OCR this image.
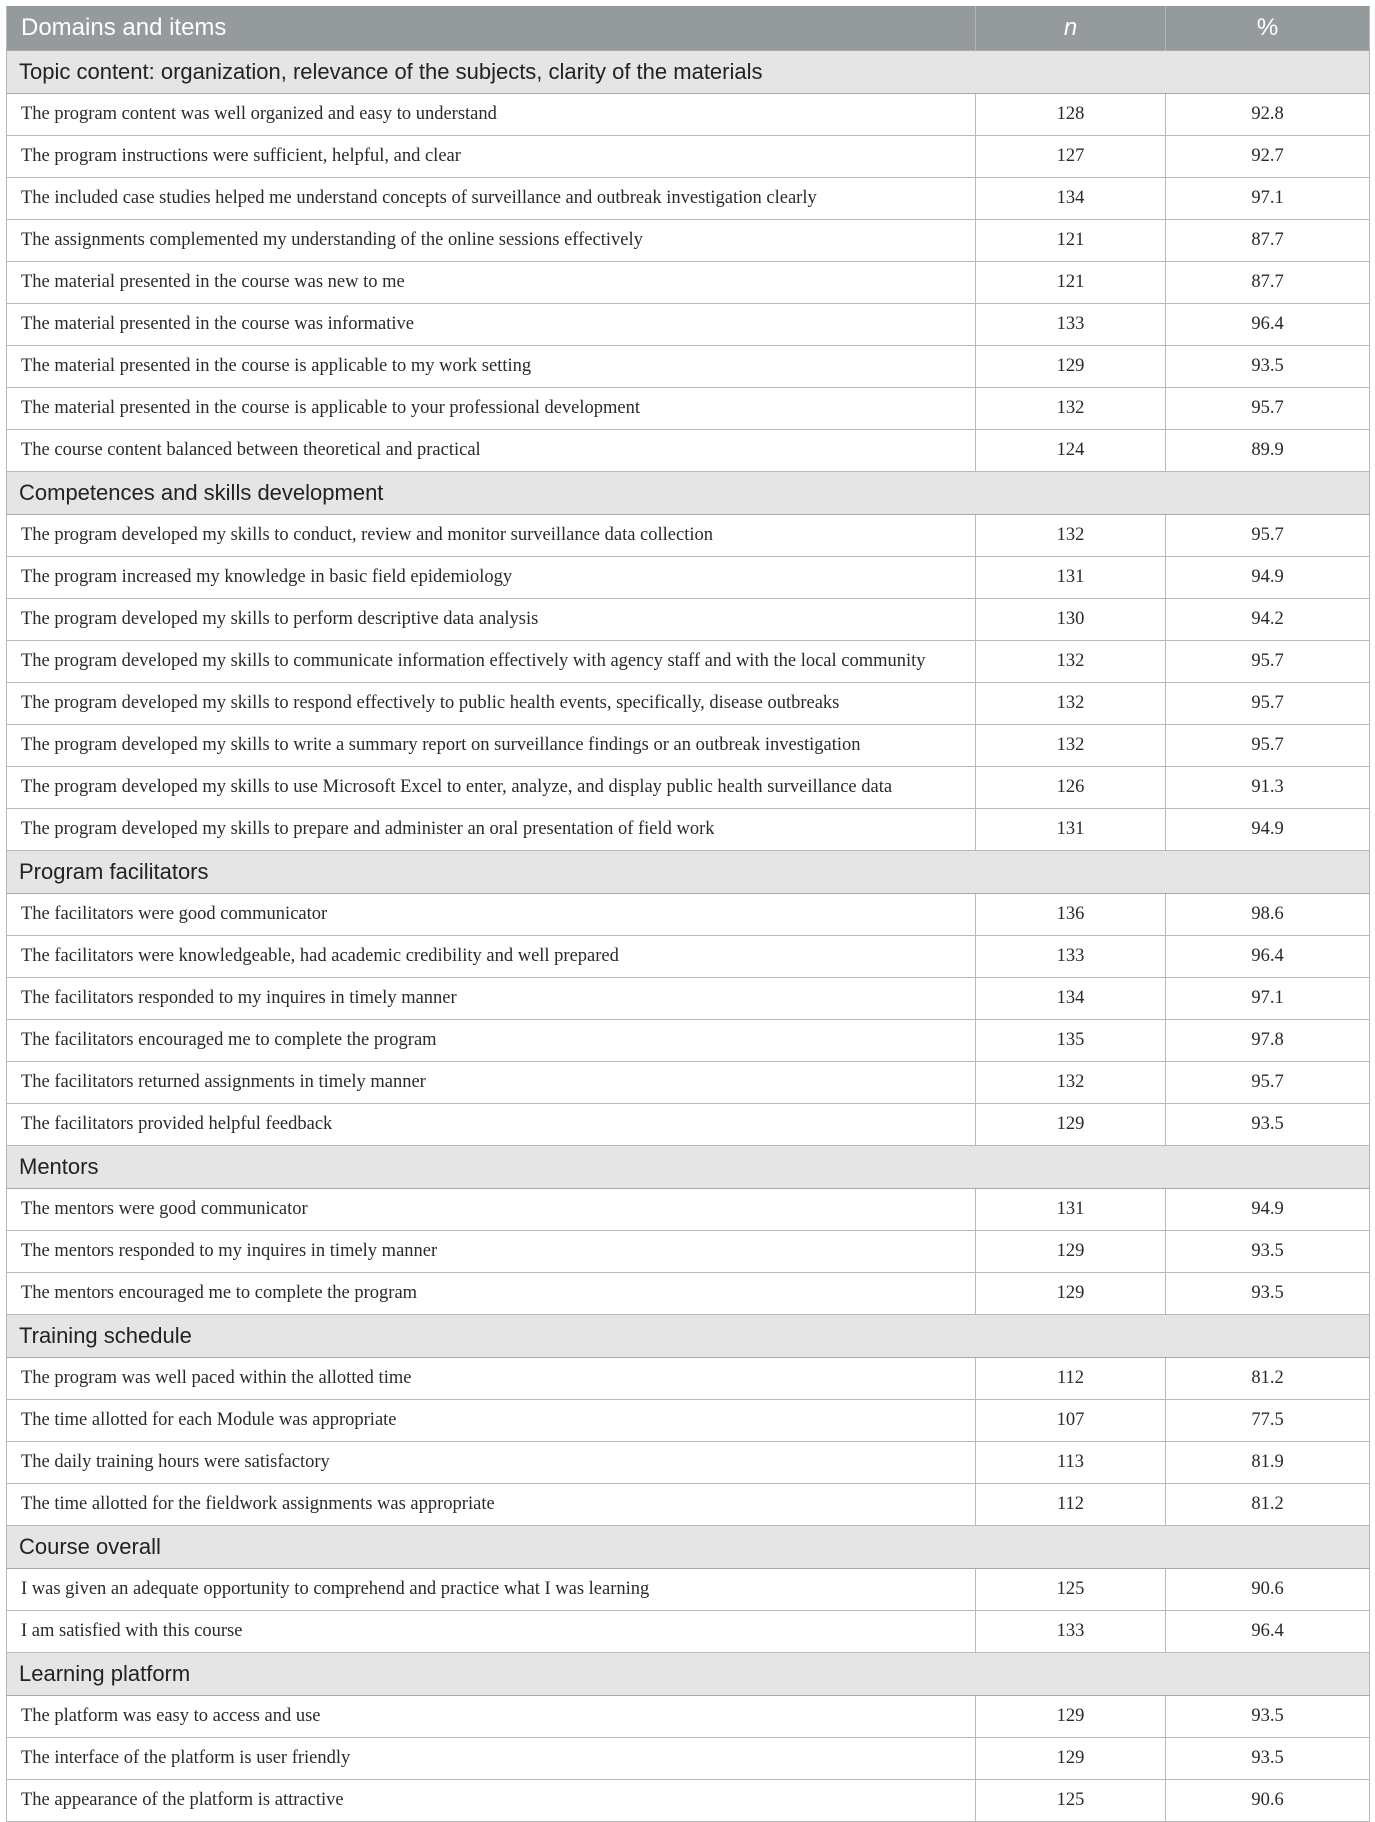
Domains and items	n	%
Topic content: organization, relevance of the subjects, clarity of the materials		
The program content was well organized and easy to understand	128	92.8
The program instructions were sufficient, helpful, and clear	127	92.7
The included case studies helped me understand concepts of surveillance and outbreak investigation clearly	134	97.1
The assignments complemented my understanding of the online sessions effectively	121	87.7
The material presented in the course was new to me	121	87.7
The material presented in the course was informative	133	96.4
The material presented in the course is applicable to my work setting	129	93.5
The material presented in the course is applicable to your professional development	132	95.7
The course content balanced between theoretical and practical	124	89.9
Competences and skills development		
The program developed my skills to conduct, review and monitor surveillance data collection	132	95.7
The program increased my knowledge in basic field epidemiology	131	94.9
The program developed my skills to perform descriptive data analysis	130	94.2
The program developed my skills to communicate information effectively with agency staff and with the local community	132	95.7
The program developed my skills to respond effectively to public health events, specifically, disease outbreaks	132	95.7
The program developed my skills to write a summary report on surveillance findings or an outbreak investigation	132	95.7
The program developed my skills to use Microsoft Excel to enter, analyze, and display public health surveillance data	126	91.3
The program developed my skills to prepare and administer an oral presentation of field work	131	94.9
Program facilitators		
The facilitators were good communicator	136	98.6
The facilitators were knowledgeable, had academic credibility and well prepared	133	96.4
The facilitators responded to my inquires in timely manner	134	97.1
The facilitators encouraged me to complete the program	135	97.8
The facilitators returned assignments in timely manner	132	95.7
The facilitators provided helpful feedback	129	93.5
Mentors		
The mentors were good communicator	131	94.9
The mentors responded to my inquires in timely manner	129	93.5
The mentors encouraged me to complete the program	129	93.5
Training schedule		
The program was well paced within the allotted time	112	81.2
The time allotted for each Module was appropriate	107	77.5
The daily training hours were satisfactory	113	81.9
The time allotted for the fieldwork assignments was appropriate	112	81.2
Course overall		
I was given an adequate opportunity to comprehend and practice what I was learning	125	90.6
I am satisfied with this course	133	96.4
Learning platform		
The platform was easy to access and use	129	93.5
The interface of the platform is user friendly	129	93.5
The appearance of the platform is attractive	125	90.6
